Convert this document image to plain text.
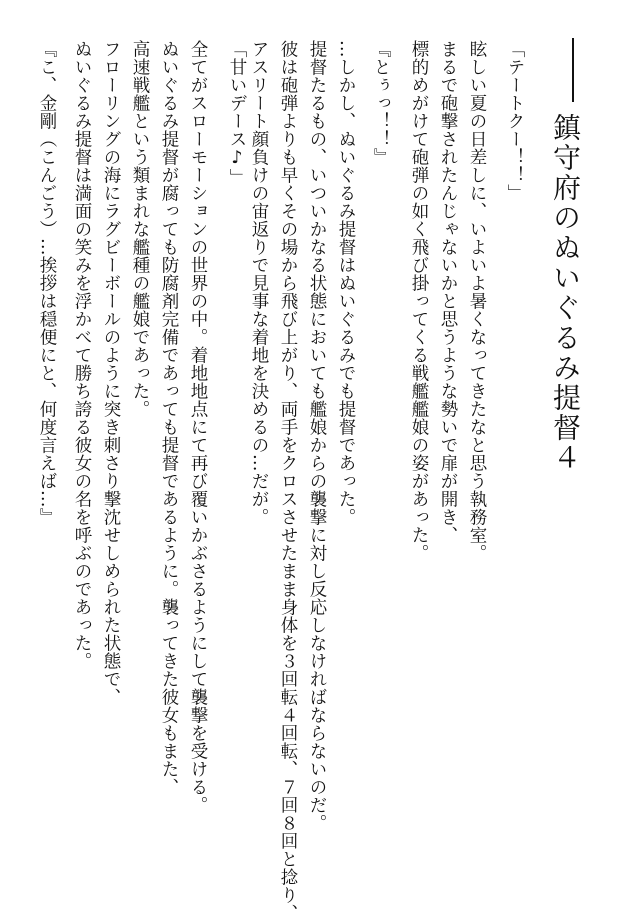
鎮守府のぬいぐるみ提督４
「テートクー！！」
眩しい夏の日差しに、いよいよ暑くなってきたなと思う執務室。
まるで砲撃されたんじゃないかと思うような勢いで扉が開き、
標的めがけて砲弾の如く飛び掛ってくる戦艦艦娘の姿があった。
『とぅっ！！』
…しかし、ぬいぐるみ提督はぬいぐるみでも提督であった。
提督たるもの、いついかなる状態においても艦娘からの襲撃に対し反応しなければならないのだ。
彼は砲弾よりも早くその場から飛び上がり、両手をクロスさせたまま身体を３回転４回転、７回８回と捻り、
アスリート顔負けの宙返りで見事な着地を決めるの…だが。
「甘いデース♪」
全てがスローモーションの世界の中。着地地点にて再び覆いかぶさるようにして襲撃を受ける。
ぬいぐるみ提督が腐っても防腐剤完備であっても提督であるように。襲ってきた彼女もまた、
高速戦艦という類まれな艦種の艦娘であった。
フローリングの海にラグビーボールのように突き刺さり撃沈せしめられた状態で、
ぬいぐるみ提督は満面の笑みを浮かべて勝ち誇る彼女の名を呼ぶのであった。
『こ、金剛（こんごう）…挨拶は穏便にと、何度言えば…』
